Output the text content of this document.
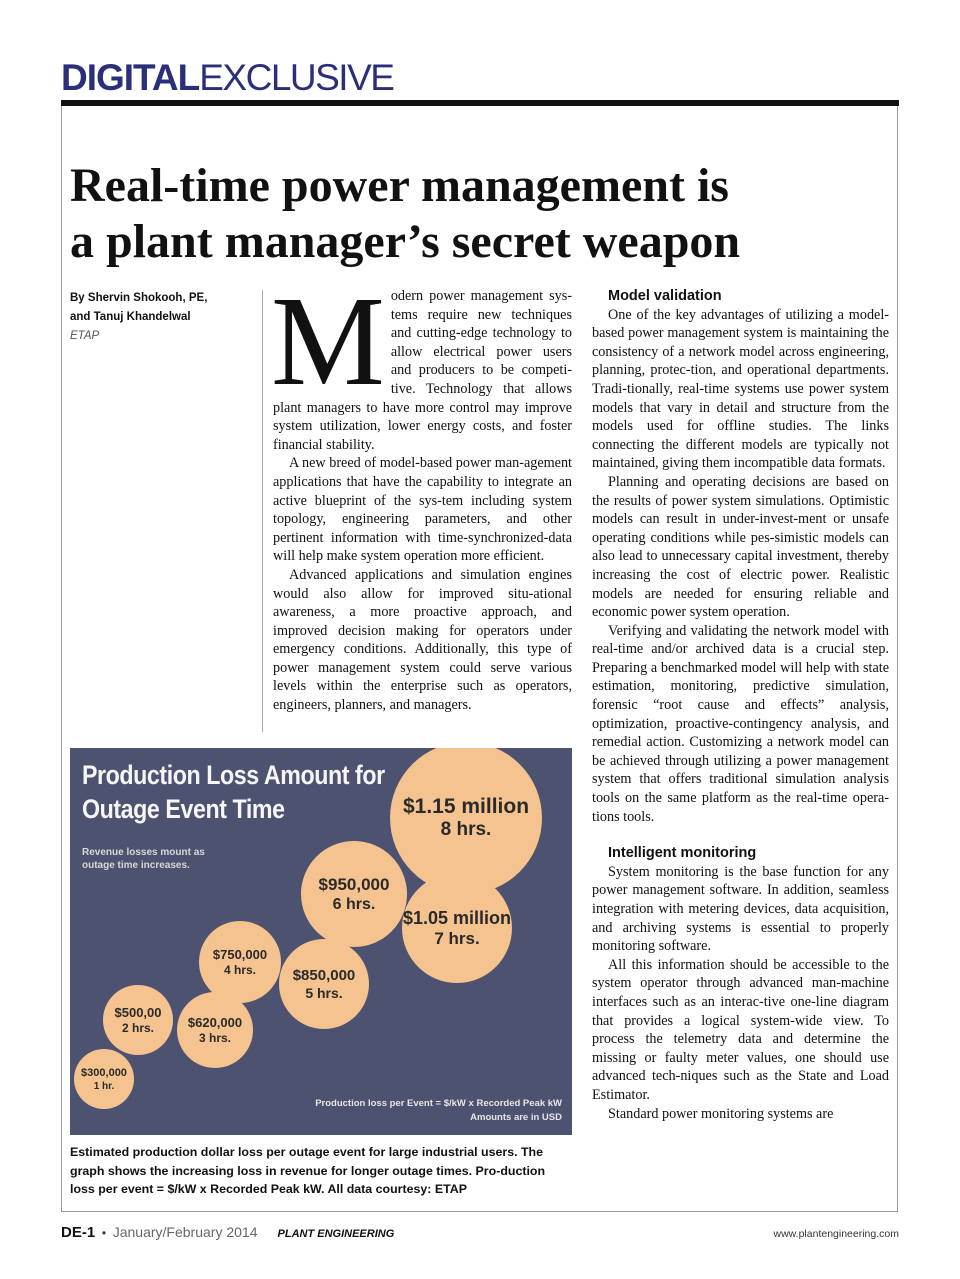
DIGITALEXCLUSIVE
Real-time power management is
a plant manager’s secret weapon
By Shervin Shokooh, PE,
and Tanuj Khandelwal
ETAP	M odern power management sys-tems require new techniques and cutting-edge technology to allow electrical power users and producers to be competi-tive. Technology that allows plant managers to have more control may improve system utilization, lower energy costs, and foster financial stability.

A new breed of model-based power man-agement applications that have the capability to integrate an active blueprint of the sys-tem including system topology, engineering parameters, and other pertinent information with time-synchronized-data will help make system operation more efficient.

Advanced applications and simulation engines would also allow for improved situ-ational awareness, a more proactive approach, and improved decision making for operators under emergency conditions. Additionally, this type of power management system could serve various levels within the enterprise such as operators, engineers, planners, and managers.

Model validation

One of the key advantages of utilizing a model-based power management system is maintaining the consistency of a network model across engineering, planning, protec-tion, and operational departments. Tradi-tionally, real-time systems use power system models that vary in detail and structure from the models used for offline studies. The links connecting the different models are typically not maintained, giving them incompatible data formats.

Planning and operating decisions are based on the results of power system simulations. Optimistic models can result in under-invest-ment or unsafe operating conditions while pes-simistic models can also lead to unnecessary capital investment, thereby increasing the cost of electric power. Realistic models are needed for ensuring reliable and economic power system operation.

Verifying and validating the network model with real-time and/or archived data is a crucial step. Preparing a benchmarked model will help with state estimation, monitoring, predictive simulation, forensic “root cause and effects” analysis, optimization, proactive-contingency analysis, and remedial action. Customizing a network model can be achieved through utilizing a power management system that offers traditional simulation analysis tools on the same platform as the real-time opera-tions tools.

Intelligent monitoring

System monitoring is the base function for any power management software. In addition, seamless integration with metering devices, data acquisition, and archiving systems is essential to properly monitoring software.

All this information should be accessible to the system operator through advanced man-machine interfaces such as an interac-tive one-line diagram that provides a logical system-wide view. To process the telemetry data and determine the missing or faulty meter values, one should use advanced tech-niques such as the State and Load Estimator.

Standard power monitoring systems are

Production Loss Amount for
Outage Event Time
Revenue losses mount as
outage time increases.
$300,000
1 hr.
$500,00
2 hrs.	$620,000
3 hrs.
$750,000
4 hrs. $850,000
5 hrs.
$950,000
6 hrs.
$1.05 million
7 hrs.
$1.15 million
8 hrs.
Production loss per Event = $/kW x Recorded Peak kW
Amounts are in USD
Estimated production dollar loss per outage event for large industrial users. The graph shows the increasing loss in revenue for longer outage times. Pro-duction loss per event = $/kW x Recorded Peak kW. All data courtesy: ETAP
DE-1 • January/February 2014 PLANT ENGINEERING	www.plantengineering.com
